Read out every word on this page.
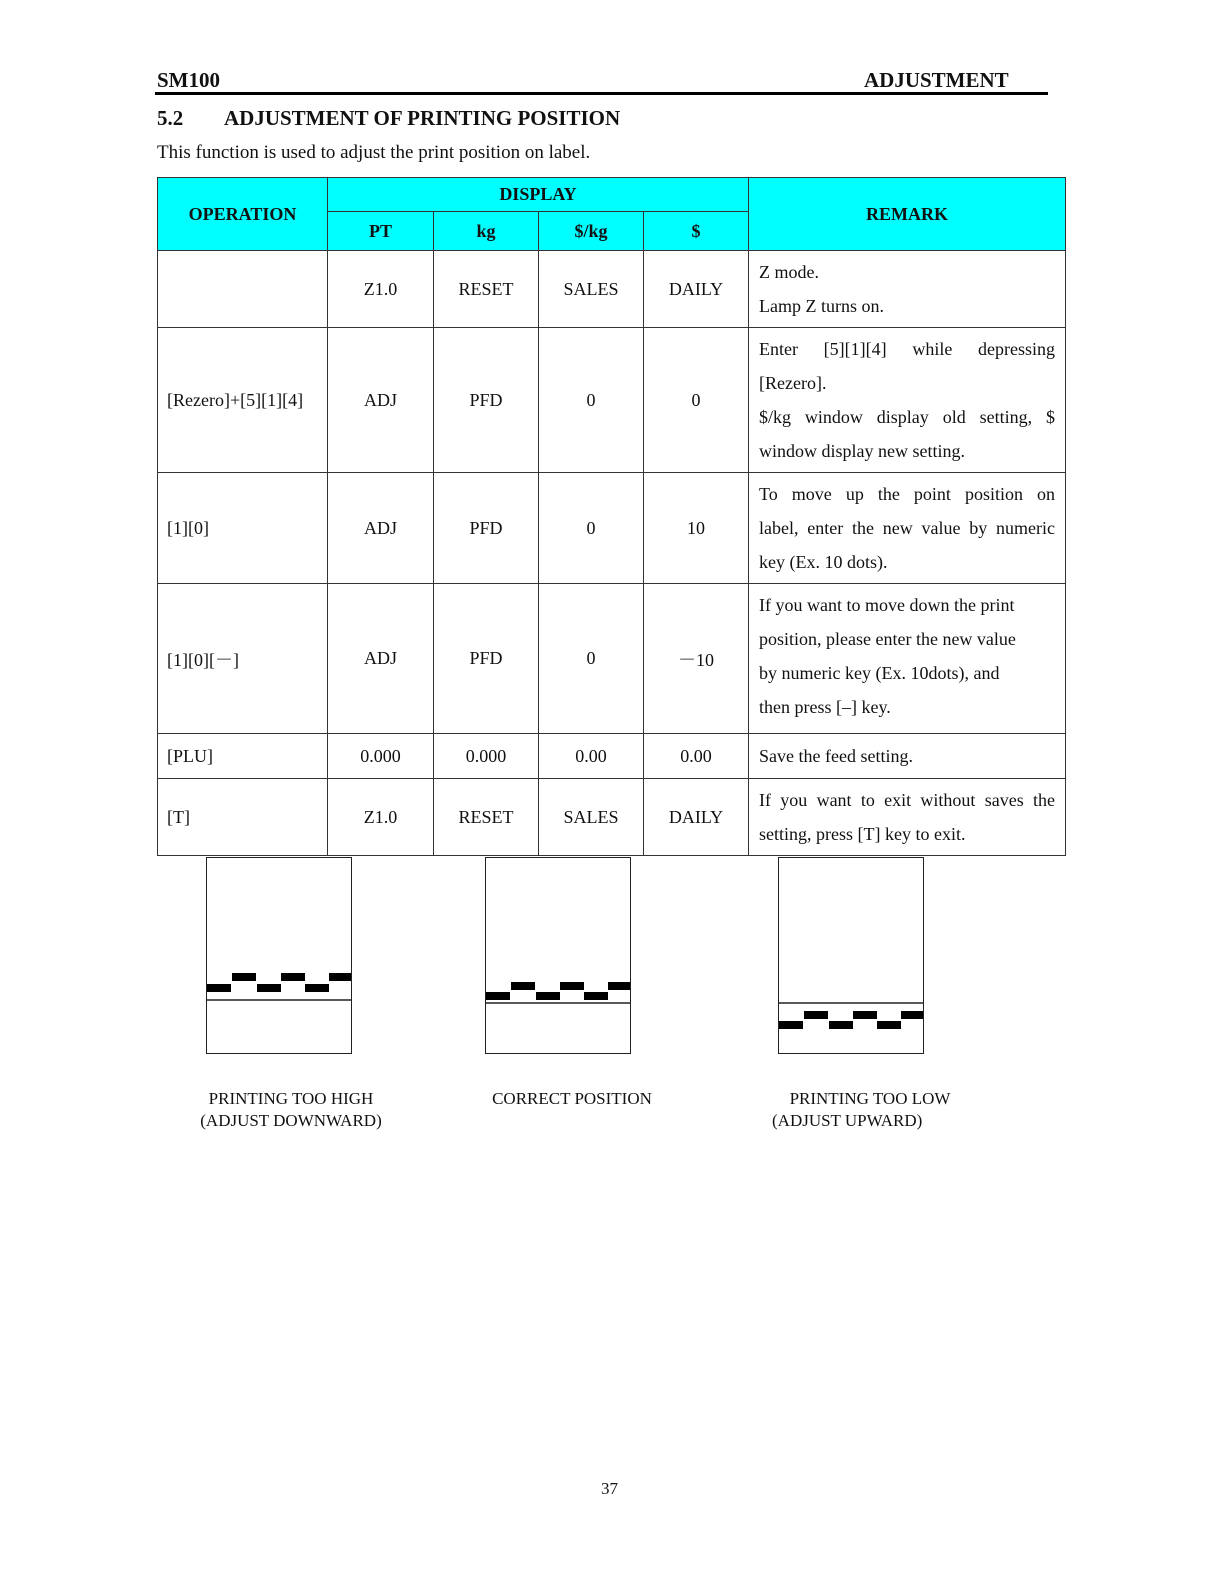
SM100	ADJUSTMENT
5.2 ADJUSTMENT OF PRINTING POSITION
This function is used to adjust the print position on label.
OPERATION	DISPLAY				REMARK
	PT	kg	$/kg	$	
	Z1.0	RESET	SALES	DAILY	Z mode.
Lamp Z turns on.

[Rezero]+[5][1][4]	ADJ	PFD	0	0	Enter [5][1][4] while depressing
[Rezero].
$/kg window display old setting, $
window display new setting.

[1][0]	ADJ	PFD	0	10	To move up the point position on
label, enter the new value by numeric
key (Ex. 10 dots).

[1][0][－]	ADJ	PFD	0	－10	If you want to move down the print
position, please enter the new value
by numeric key (Ex. 10dots), and
then press [–] key.

[PLU]	0.000	0.000	0.00	0.00	Save the feed setting.

[T]	Z1.0	RESET	SALES	DAILY	If you want to exit without saves the
setting, press [T] key to exit.
PRINTING TOO HIGH
(ADJUST DOWNWARD)
CORRECT POSITION	PRINTING TOO LOW
(ADJUST UPWARD)
37
